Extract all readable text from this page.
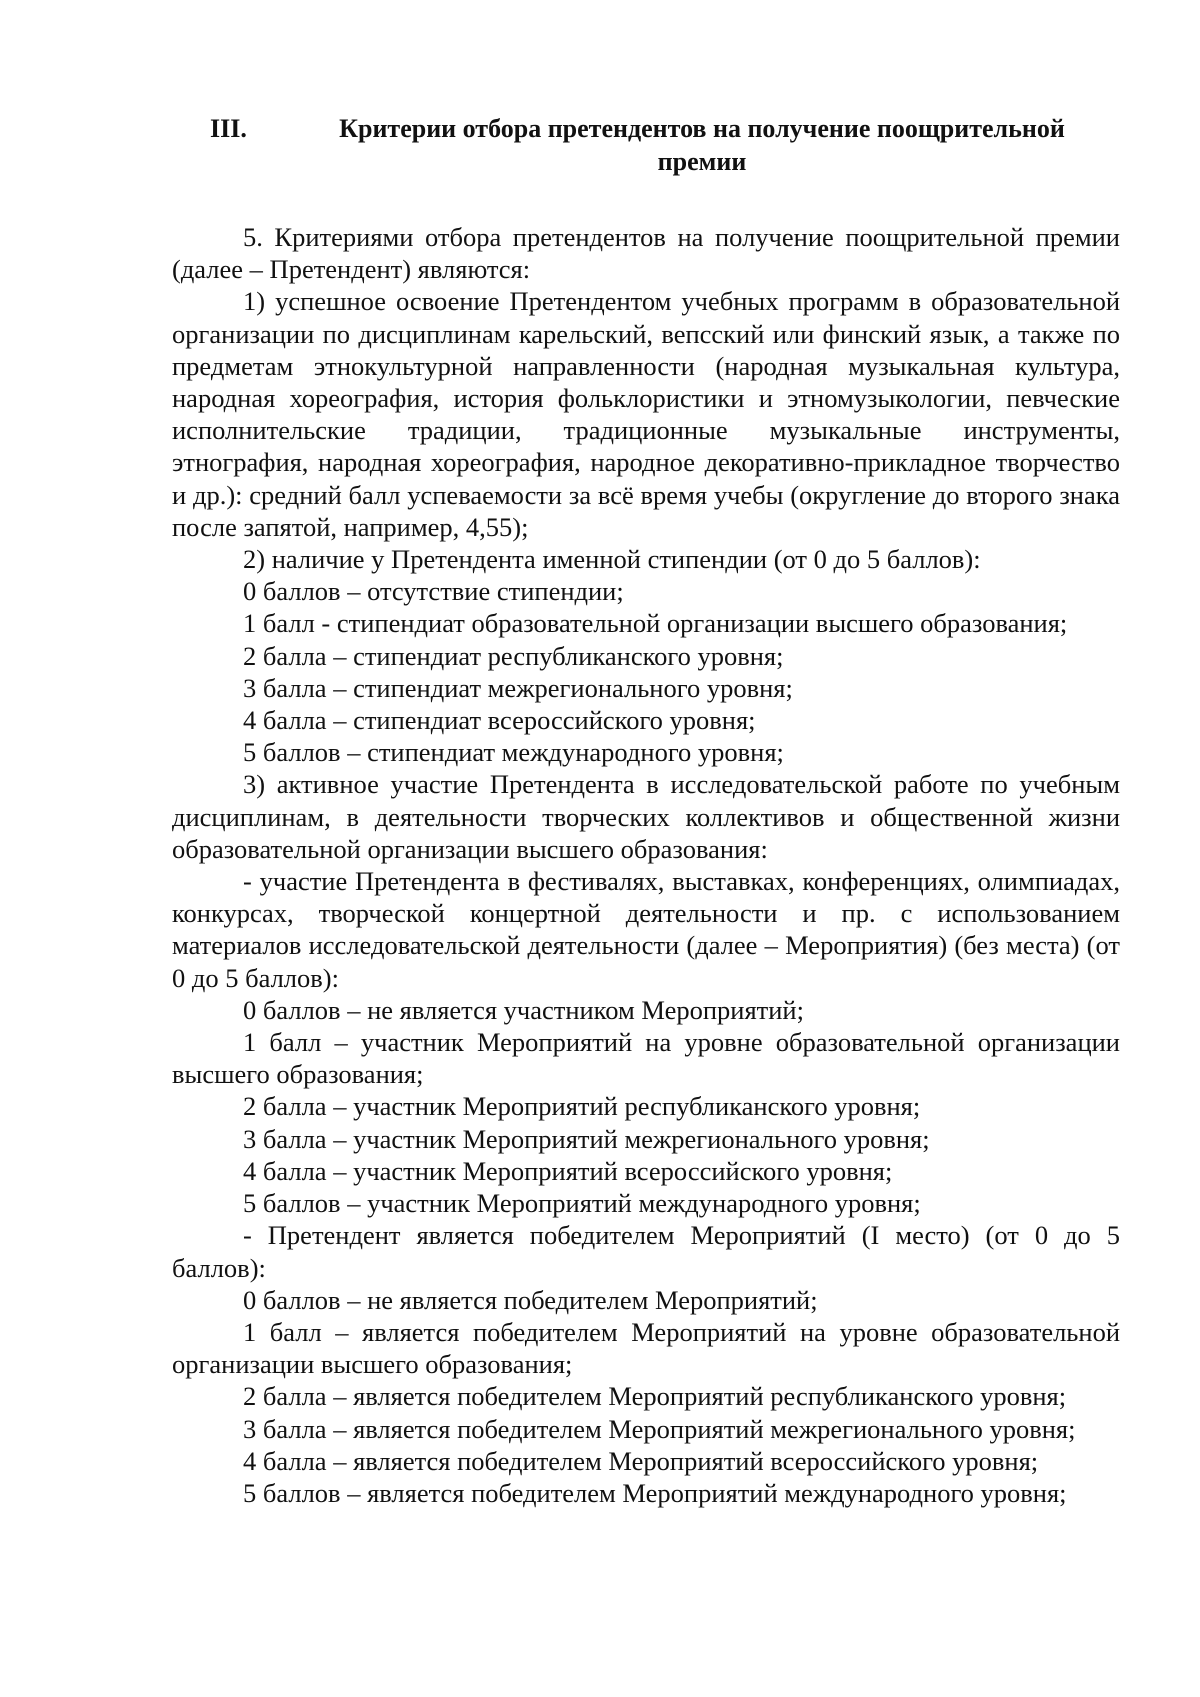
III.	Критерии отбора претендентов на получение поощрительной премии

5. Критериями отбора претендентов на получение поощрительной премии (далее – Претендент) являются:

1) успешное освоение Претендентом учебных программ в образовательной организации по дисциплинам карельский, вепсский или финский язык, а также по предметам этнокультурной направленности (народная музыкальная культура, народная хореография, история фольклористики и этномузыкологии, певческие исполнительские традиции, традиционные музыкальные инструменты, этнография, народная хореография, народное декоративно-прикладное творчество и др.): средний балл успеваемости за всё время учебы (округление до второго знака после запятой, например, 4,55);

2) наличие у Претендента именной стипендии (от 0 до 5 баллов):

0 баллов – отсутствие стипендии;

1 балл - стипендиат образовательной организации высшего образования;

2 балла – стипендиат республиканского уровня;

3 балла – стипендиат межрегионального уровня;

4 балла – стипендиат всероссийского уровня;

5 баллов – стипендиат международного уровня;

3) активное участие Претендента в исследовательской работе по учебным дисциплинам, в деятельности творческих коллективов и общественной жизни образовательной организации высшего образования:

- участие Претендента в фестивалях, выставках, конференциях, олимпиадах, конкурсах, творческой концертной деятельности и пр. с использованием материалов исследовательской деятельности (далее – Мероприятия) (без места) (от 0 до 5 баллов):

0 баллов – не является участником Мероприятий;

1 балл – участник Мероприятий на уровне образовательной организации высшего образования;

2 балла – участник Мероприятий республиканского уровня;

3 балла – участник Мероприятий межрегионального уровня;

4 балла – участник Мероприятий всероссийского уровня;

5 баллов – участник Мероприятий международного уровня;

- Претендент является победителем Мероприятий (I место) (от 0 до 5 баллов):

0 баллов – не является победителем Мероприятий;

1 балл – является победителем Мероприятий на уровне образовательной организации высшего образования;

2 балла – является победителем Мероприятий республиканского уровня;

3 балла – является победителем Мероприятий межрегионального уровня;

4 балла – является победителем Мероприятий всероссийского уровня;

5 баллов – является победителем Мероприятий международного уровня;
